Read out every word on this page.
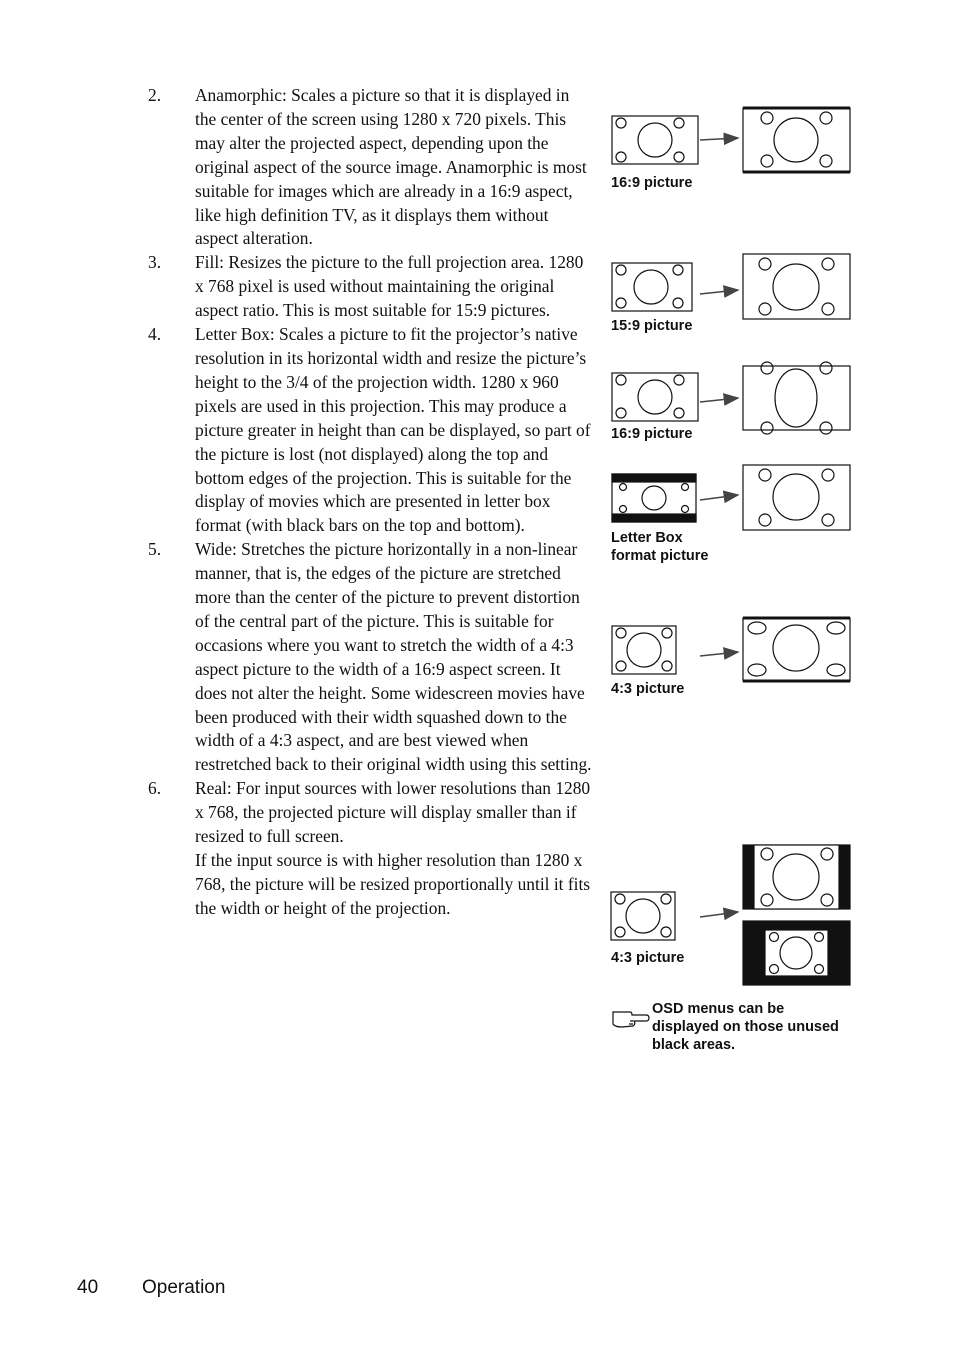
2. Anamorphic: Scales a picture so that it is displayed in the center of the screen using 1280 x 720 pixels. This may alter the projected aspect, depending upon the original aspect of the source image. Anamorphic is most suitable for images which are already in a 16:9 aspect, like high definition TV, as it displays them without aspect alteration.
3. Fill: Resizes the picture to the full projection area. 1280 x 768 pixel is used without maintaining the original aspect ratio. This is most suitable for 15:9 pictures.
4. Letter Box: Scales a picture to fit the projector’s native resolution in its horizontal width and resize the picture’s height to the 3/4 of the projection width. 1280 x 960 pixels are used in this projection. This may produce a picture greater in height than can be displayed, so part of the picture is lost (not displayed) along the top and bottom edges of the projection. This is suitable for the display of movies which are presented in letter box format (with black bars on the top and bottom).
5. Wide: Stretches the picture horizontally in a non-linear manner, that is, the edges of the picture are stretched more than the center of the picture to prevent distortion of the central part of the picture. This is suitable for occasions where you want to stretch the width of a 4:3 aspect picture to the width of a 16:9 aspect screen. It does not alter the height. Some widescreen movies have been produced with their width squashed down to the width of a 4:3 aspect, and are best viewed when restretched back to their original width using this setting.
6. Real: For input sources with lower resolutions than 1280 x 768, the projected picture will display smaller than if resized to full screen.
If the input source is with higher resolution than 1280 x 768, the picture will be resized proportionally until it fits the width or height of the projection.
16:9 picture
15:9 picture
16:9 picture
Letter Box
format picture
4:3 picture
4:3 picture
OSD menus can be
displayed on those unused
black areas.
40 Operation
